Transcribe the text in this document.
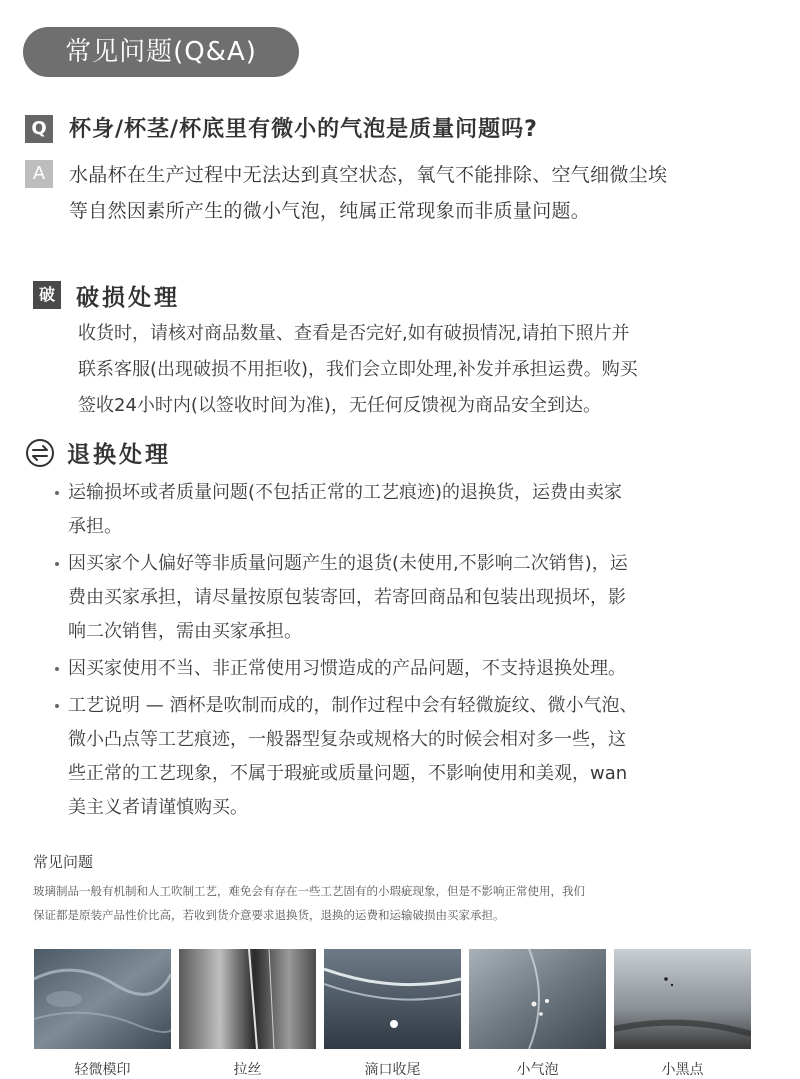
常见问题(Q&A)
Q 杯身/杯茎/杯底里有微小的气泡是质量问题吗?
A	水晶杯在生产过程中无法达到真空状态，氧气不能排除、空气细微尘埃
等自然因素所产生的微小气泡，纯属正常现象而非质量问题。
破 破损处理
收货时，请核对商品数量、查看是否完好,如有破损情况,请拍下照片并
联系客服(出现破损不用拒收)，我们会立即处理,补发并承担运费。购买
签收24小时内(以签收时间为准)，无任何反馈视为商品安全到达。
退换处理
运输损坏或者质量问题(不包括正常的工艺痕迹)的退换货，运费由卖家
承担。
因买家个人偏好等非质量问题产生的退货(未使用,不影响二次销售)，运
费由买家承担，请尽量按原包装寄回，若寄回商品和包装出现损坏，影
响二次销售，需由买家承担。
因买家使用不当、非正常使用习惯造成的产品问题，不支持退换处理。
工艺说明 — 酒杯是吹制而成的，制作过程中会有轻微旋纹、微小气泡、
微小凸点等工艺痕迹，一般器型复杂或规格大的时候会相对多一些，这
些正常的工艺现象，不属于瑕疵或质量问题，不影响使用和美观，wan
美主义者请谨慎购买。
常见问题
玻璃制品一般有机制和人工吹制工艺，难免会有存在一些工艺固有的小瑕疵现象，但是不影响正常使用，我们
保证都是原装产品性价比高，若收到货介意要求退换货，退换的运费和运输破损由买家承担。
轻微模印	拉丝	滴口收尾	小气泡	小黑点
